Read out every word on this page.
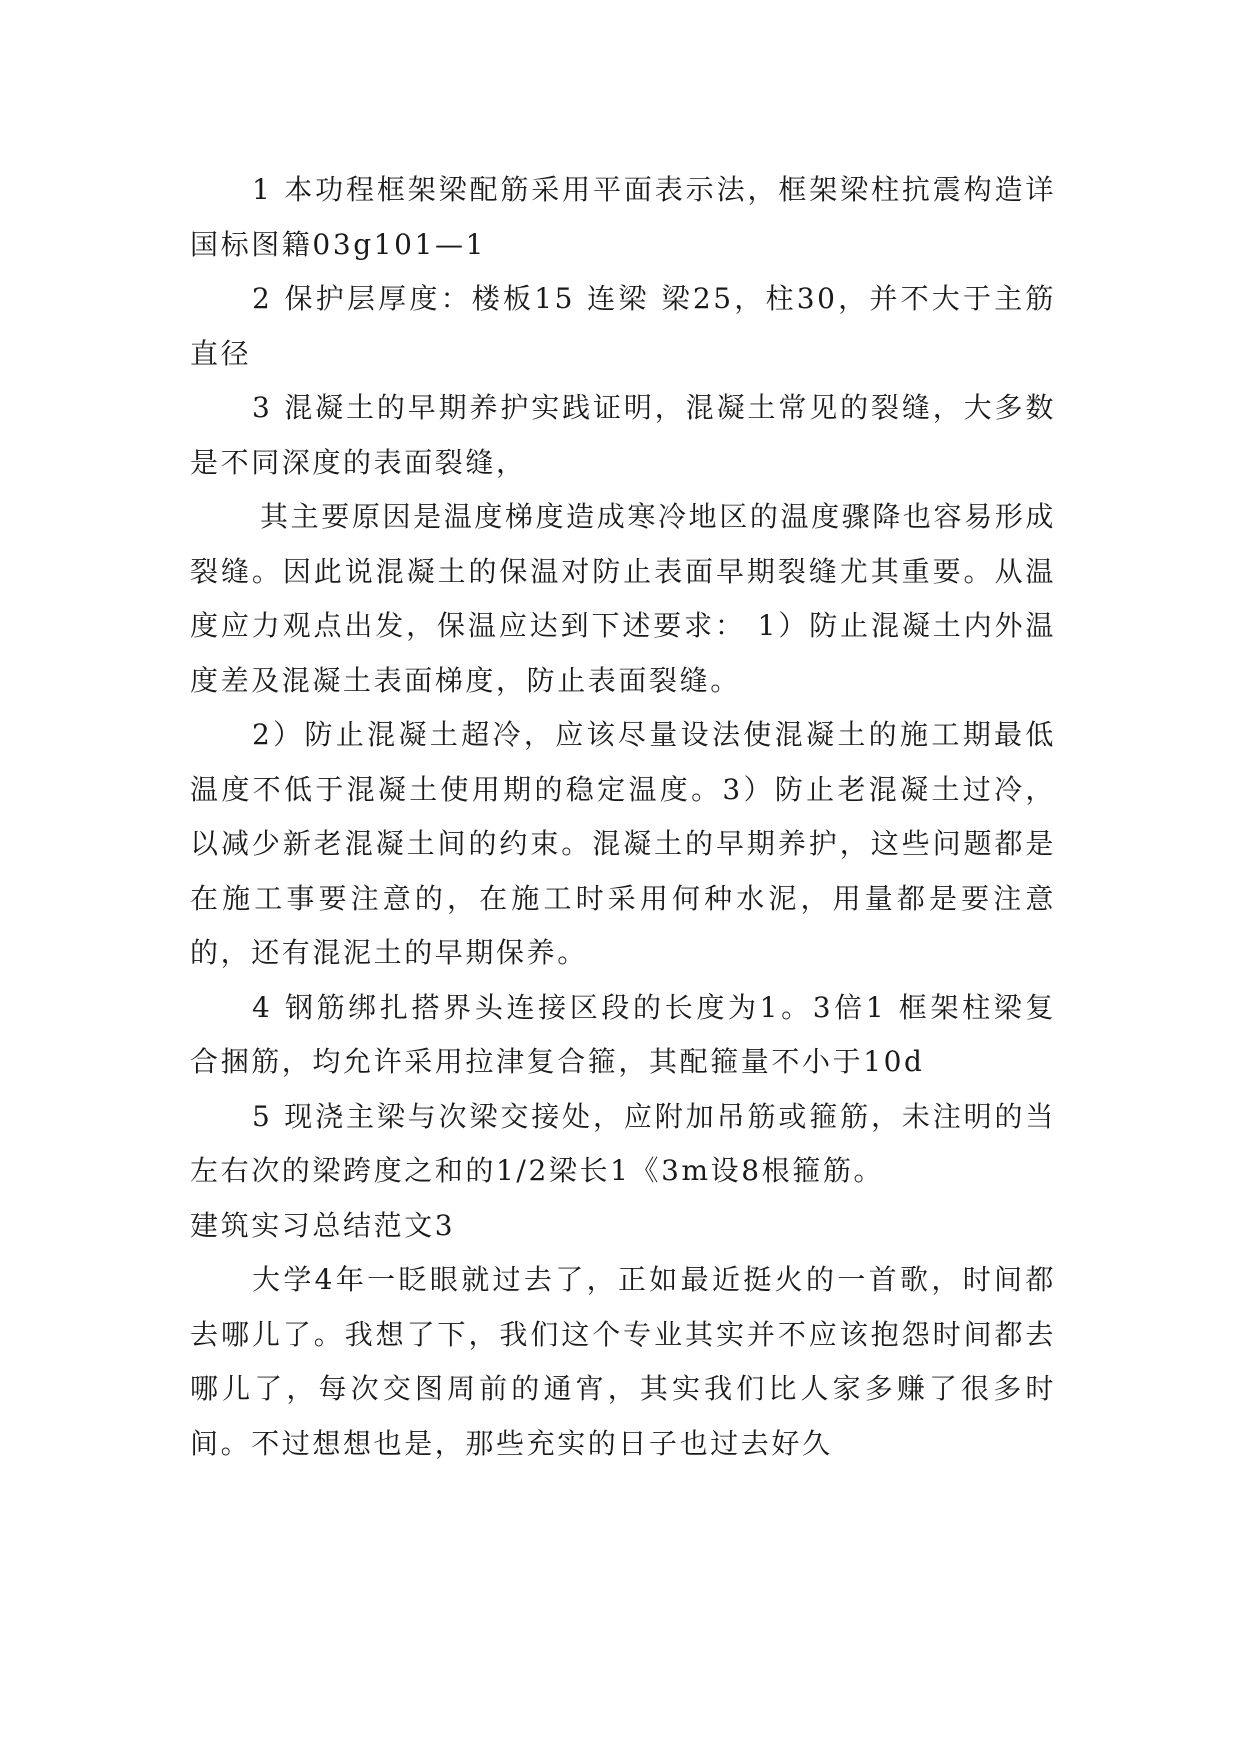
1 本功程框架梁配筋采用平面表示法，框架梁柱抗震构造详国标图籍03g101—1

2 保护层厚度：楼板15 连梁 梁25，柱30，并不大于主筋直径

3 混凝土的早期养护实践证明，混凝土常见的裂缝，大多数是不同深度的表面裂缝，

其主要原因是温度梯度造成寒冷地区的温度骤降也容易形成裂缝。因此说混凝土的保温对防止表面早期裂缝尤其重要。从温度应力观点出发，保温应达到下述要求： 1）防止混凝土内外温度差及混凝土表面梯度，防止表面裂缝。

2）防止混凝土超冷，应该尽量设法使混凝土的施工期最低温度不低于混凝土使用期的稳定温度。3）防止老混凝土过冷，以减少新老混凝土间的约束。混凝土的早期养护，这些问题都是在施工事要注意的，在施工时采用何种水泥，用量都是要注意的，还有混泥土的早期保养。

4 钢筋绑扎搭界头连接区段的长度为1。3倍1 框架柱梁复合捆筋，均允许采用拉津复合箍，其配箍量不小于10d

5 现浇主梁与次梁交接处，应附加吊筋或箍筋，未注明的当左右次的梁跨度之和的1/2梁长1《3m设8根箍筋。

建筑实习总结范文3

大学4年一眨眼就过去了，正如最近挺火的一首歌，时间都去哪儿了。我想了下，我们这个专业其实并不应该抱怨时间都去哪儿了，每次交图周前的通宵，其实我们比人家多赚了很多时间。不过想想也是，那些充实的日子也过去好久
